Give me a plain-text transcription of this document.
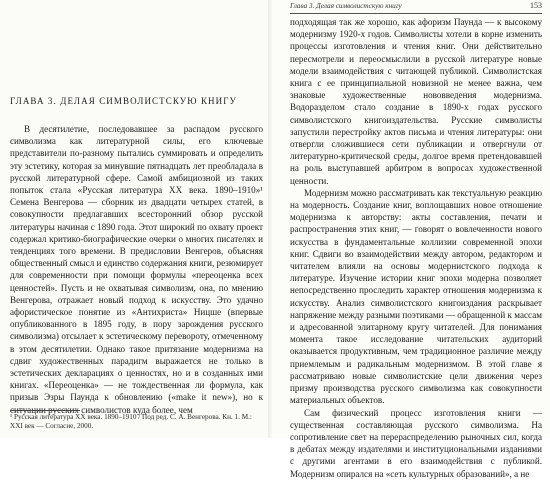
ГЛАВА 3. ДЕЛАЯ СИМВОЛИСТСКУЮ КНИГУ

В десятилетие, последовавшее за распадом русского символизма как литературной силы, его ключевые представители по-разному пытались суммировать и определить эту эстетику, которая за минувшие пятнадцать лет преобладала в русской литературной сфере. Самой амбициозной из таких попыток стала «Русская литература XX века. 1890–1910»¹ Семена Венгерова — сборник из двадцати четырех статей, в совокупности предлагавших всесторонний обзор русской литературы начиная с 1890 года. Этот широкий по охвату проект содержал критико-биографические очерки о многих писателях и тенденциях того времени. В предисловии Венгеров, объясняя общественный смысл и единство содержания книги, резюмирует для современности при помощи формулы «переоценка всех ценностей». Пусть и не охватывая символизм, она, по мнению Венгерова, отражает новый подход к искусству. Это удачно афористическое понятие из «Антихриста» Ницше (впервые опубликованного в 1895 году, в пору зарождения русского символизма) отсылает к эстетическому перевороту, отмеченному в этом десятилетии. Однако такое притязание модернизма на сдвиг художественных парадигм выражается не только в эстетических декларациях о ценностях, но и в созданных ими книгах. «Переоценка» — не тождественная ли формула, как призыв Эзры Паунда к обновлению («make it new»), но к ситуации русских символистов куда более, чем

¹ Русская литература XX века. 1890–1910 / Под ред. С. А. Венгерова. Кн. 1. М.: XXI век — Согласие, 2000.
Глава 3. Делая символистскую книгу	153

подходящая так же хорошо, как афоризм Паунда — к высокому модернизму 1920-х годов. Символисты хотели в корне изменить процессы изготовления и чтения книг. Они действительно пересмотрели и переосмыслили в русской литературе новые модели взаимодействия с читающей публикой. Символистская книга с ее принципиальной новизной не менее важна, чем знаковые художественные нововведения модернизма. Водоразделом стало создание в 1890-х годах русского символистского книгоиздательства. Русские символисты запустили перестройку актов письма и чтения литературы: они отвергли сложившиеся сети публикации и отвергнули от литературно-критической среды, долгое время претендовавшей на роль выступавшей арбитром в вопросах художественной ценности.

Модернизм можно рассматривать как текстуальную реакцию на модерность. Создание книг, воплощавших новое отношение модернизма к авторству: акты составления, печати и распространения этих книг, — говорят о вовлеченности нового искусства в фундаментальные коллизии современной эпохи книг. Сдвиги во взаимодействии между автором, редактором и читателем влияли на основы модернистского подхода к литературе. Изучение истории книг эпохи модерна позволяет непосредственно проследить характер отношения модернизма к искусству. Анализ символистского книгоиздания раскрывает напряжение между разными поэтиками — обращенной к массам и адресованной элитарному кругу читателей. Для понимания момента такое исследование читательских аудиторий оказывается продуктивным, чем традиционное различие между приемлемым и радикальным модернизмом. В этой главе я рассматриваю новые символистские цели движения через призму производства русского символизма как совокупности материальных объектов.

Сам физический процесс изготовления книги — существенная составляющая русского символизма. На сопротивление свет на перераспределению рыночных сил, когда в дебатах между издателями и институциональными изданиями с другими агентами в его взаимодействия с публикой. Модернизм опирался на «сеть культурных образований», а не
